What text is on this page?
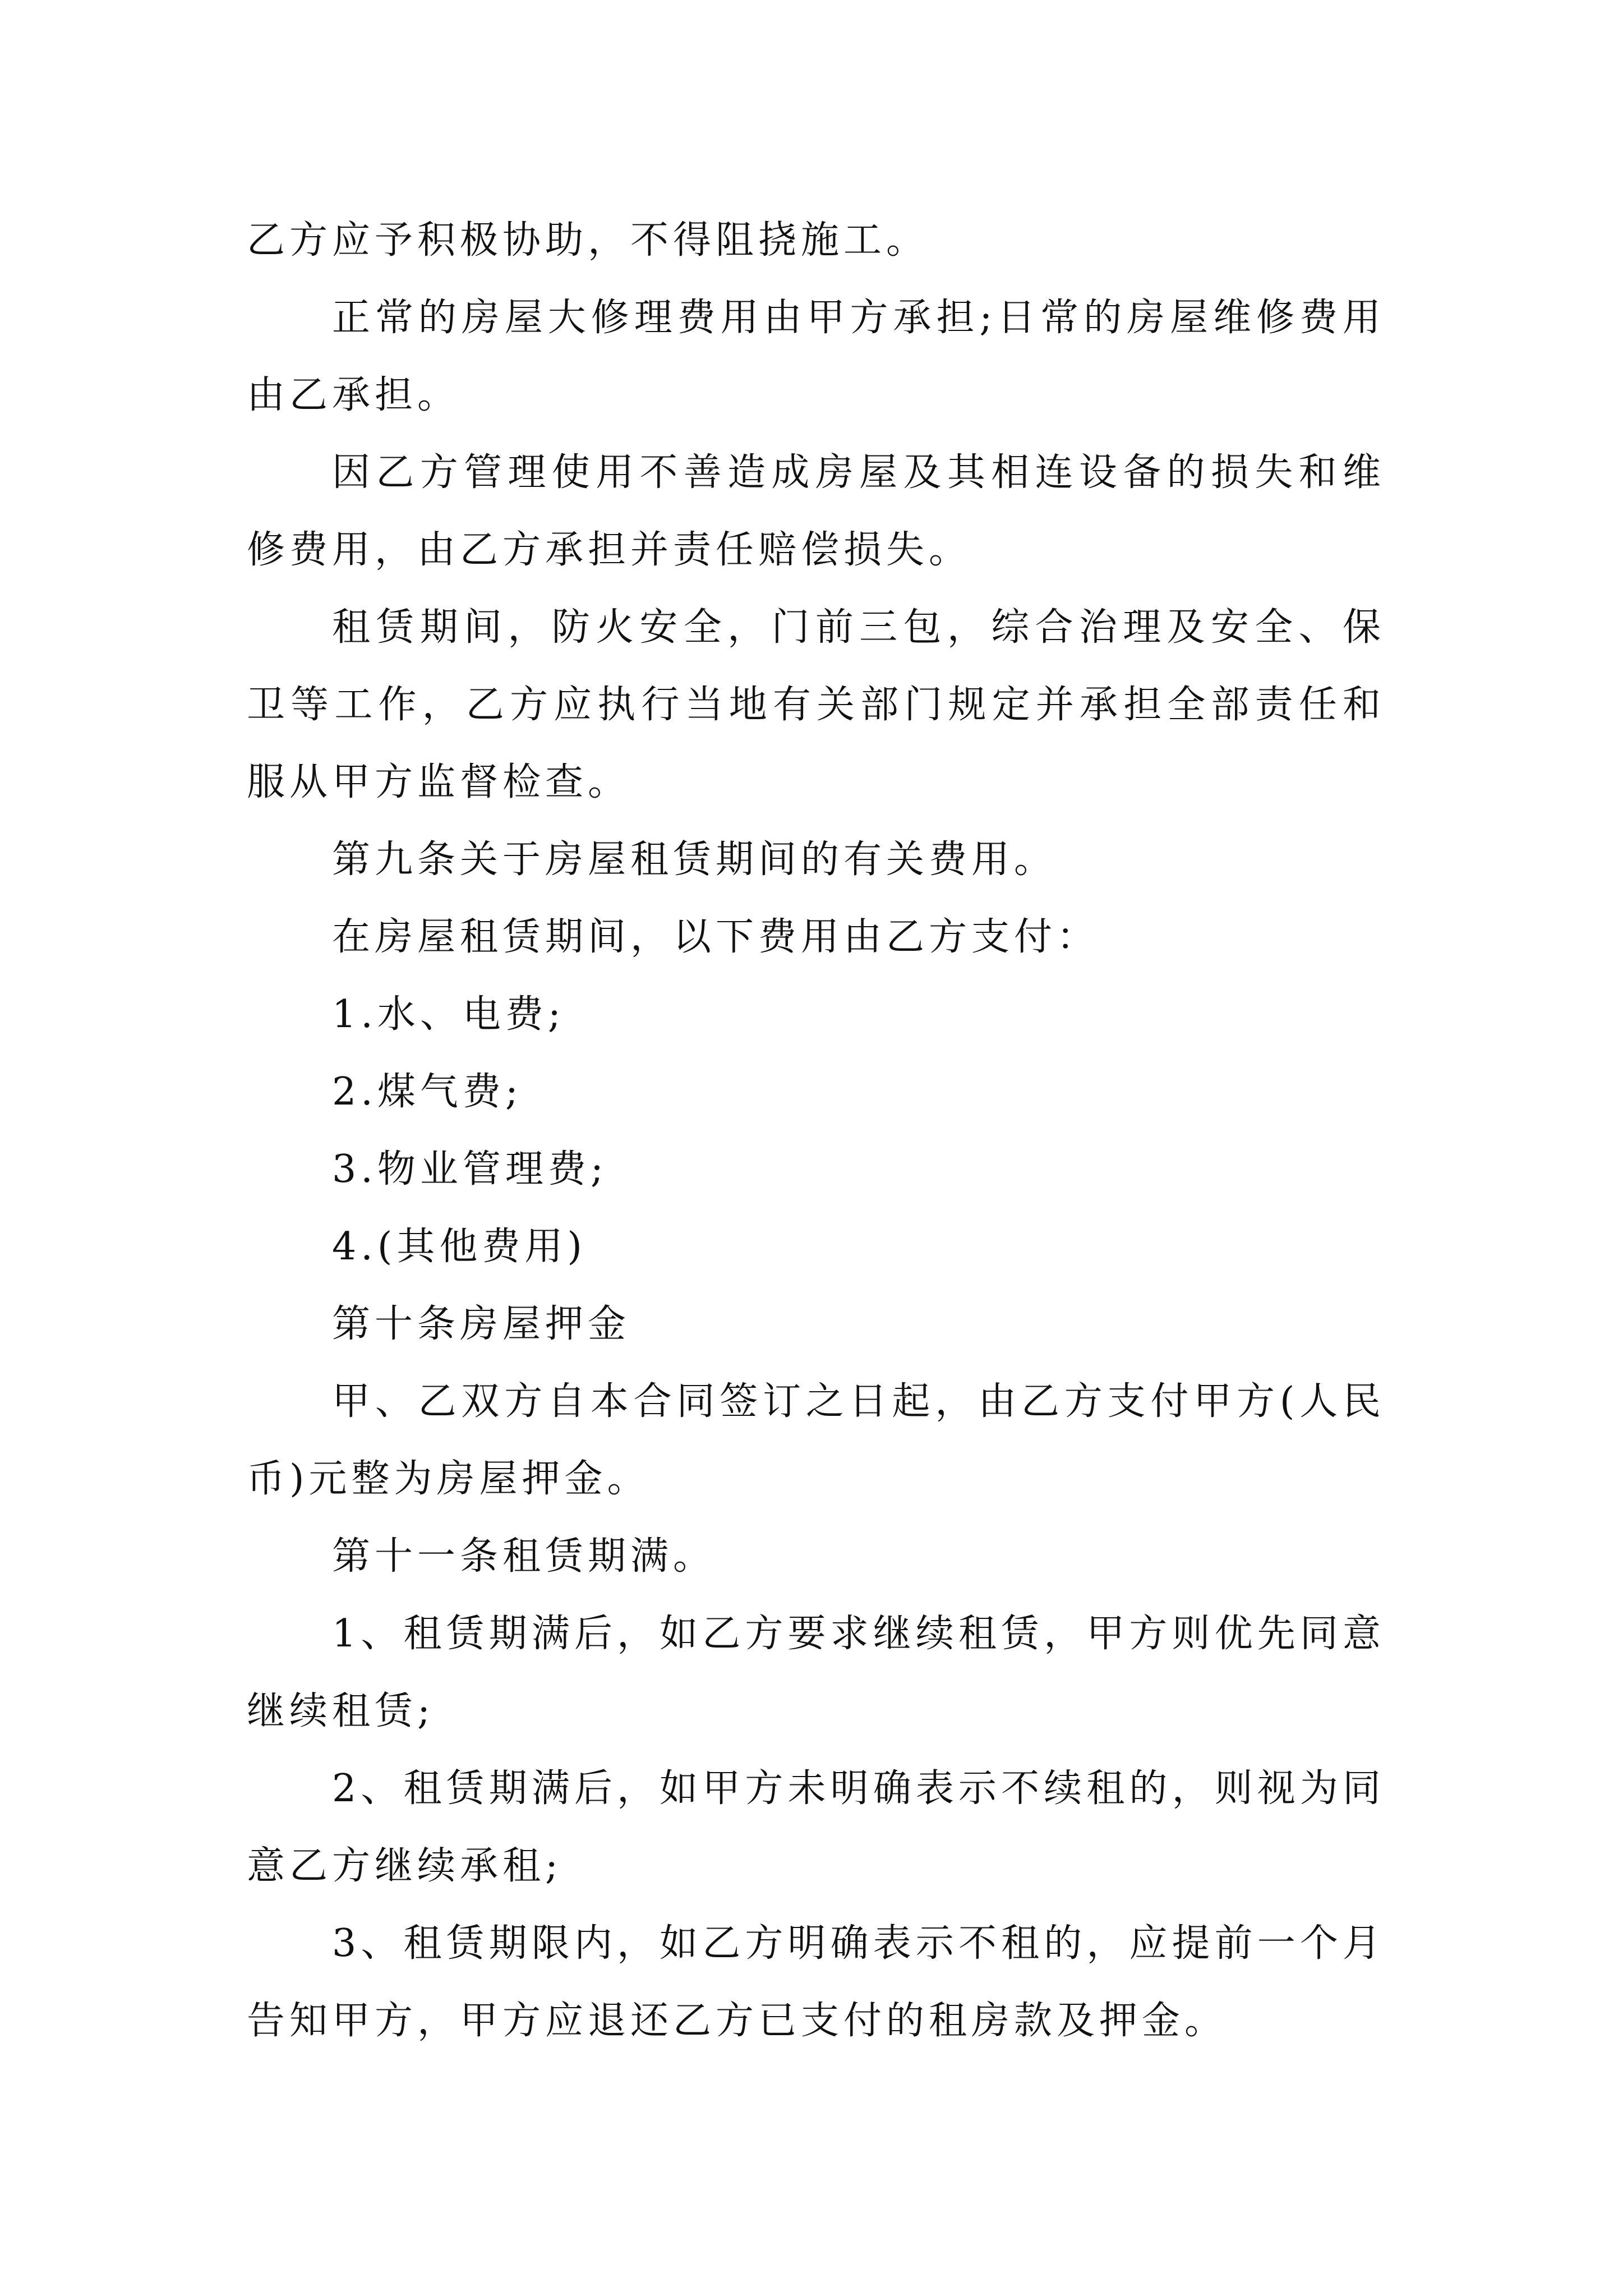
乙方应予积极协助，不得阻挠施工。

正常的房屋大修理费用由甲方承担;日常的房屋维修费用由乙承担。

因乙方管理使用不善造成房屋及其相连设备的损失和维修费用，由乙方承担并责任赔偿损失。

租赁期间，防火安全，门前三包，综合治理及安全、保卫等工作，乙方应执行当地有关部门规定并承担全部责任和服从甲方监督检查。

第九条关于房屋租赁期间的有关费用。

在房屋租赁期间，以下费用由乙方支付：

1.水、电费;

2.煤气费;

3.物业管理费;

4.(其他费用)

第十条房屋押金

甲、乙双方自本合同签订之日起，由乙方支付甲方(人民币)元整为房屋押金。

第十一条租赁期满。

1、租赁期满后，如乙方要求继续租赁，甲方则优先同意继续租赁;

2、租赁期满后，如甲方未明确表示不续租的，则视为同意乙方继续承租;

3、租赁期限内，如乙方明确表示不租的，应提前一个月告知甲方，甲方应退还乙方已支付的租房款及押金。
